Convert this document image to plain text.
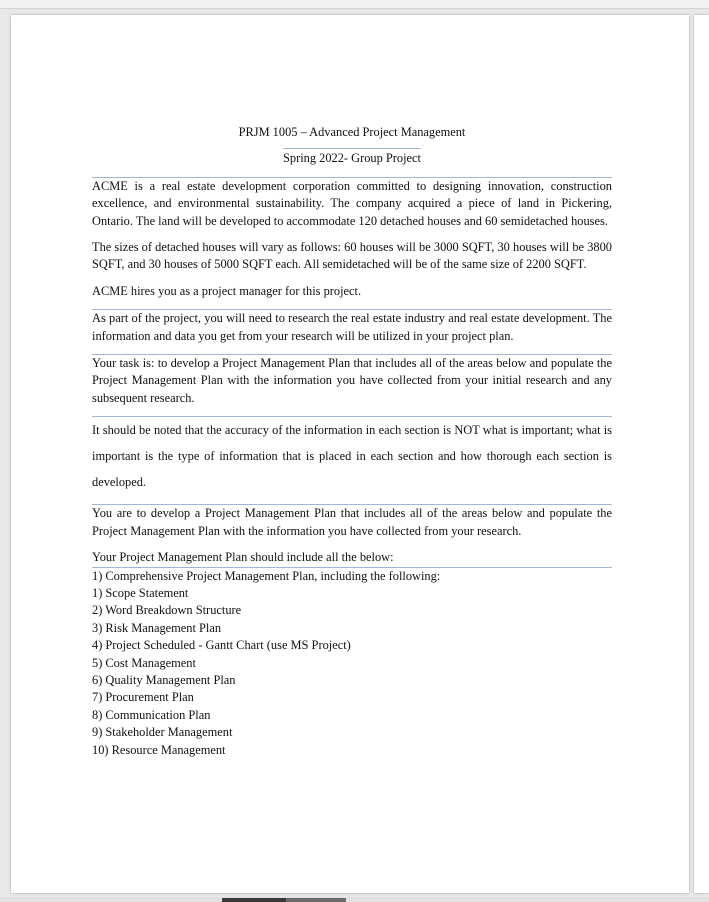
PRJM 1005 – Advanced Project Management
Spring 2022- Group Project

ACME is a real estate development corporation committed to designing innovation, construction excellence, and environmental sustainability. The company acquired a piece of land in Pickering, Ontario. The land will be developed to accommodate 120 detached houses and 60 semidetached houses.

The sizes of detached houses will vary as follows: 60 houses will be 3000 SQFT, 30 houses will be 3800 SQFT, and 30 houses of 5000 SQFT each. All semidetached will be of the same size of 2200 SQFT.

ACME hires you as a project manager for this project.

As part of the project, you will need to research the real estate industry and real estate development. The information and data you get from your research will be utilized in your project plan.

Your task is: to develop a Project Management Plan that includes all of the areas below and populate the Project Management Plan with the information you have collected from your initial research and any subsequent research.

It should be noted that the accuracy of the information in each section is NOT what is important; what is important is the type of information that is placed in each section and how thorough each section is developed.

You are to develop a Project Management Plan that includes all of the areas below and populate the Project Management Plan with the information you have collected from your research.

Your Project Management Plan should include all the below:
1) Comprehensive Project Management Plan, including the following:
1) Scope Statement
2) Word Breakdown Structure
3) Risk Management Plan
4) Project Scheduled - Gantt Chart (use MS Project)
5) Cost Management
6) Quality Management Plan
7) Procurement Plan
8) Communication Plan
9) Stakeholder Management
10) Resource Management
